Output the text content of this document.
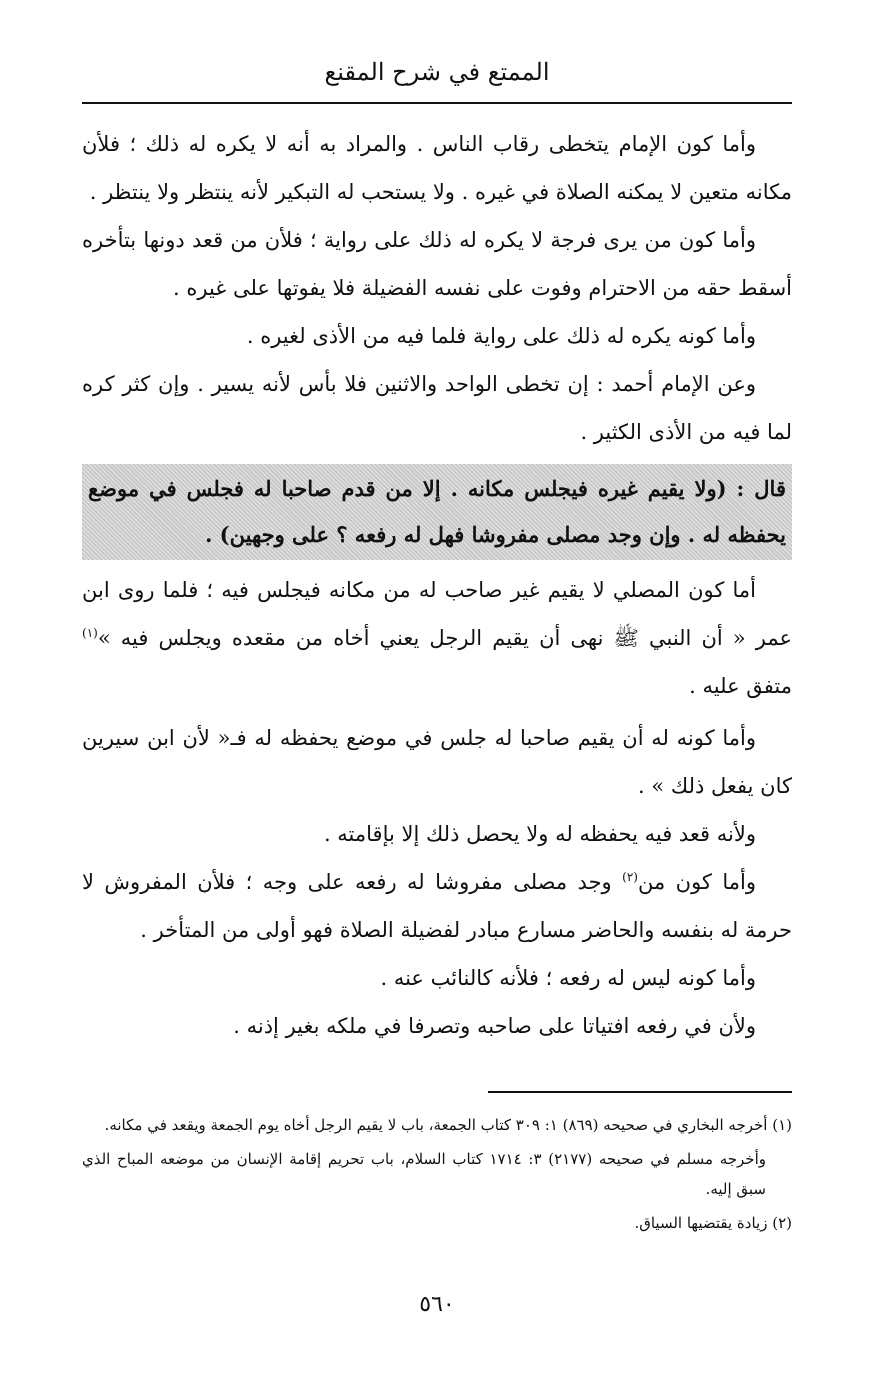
الممتع في شرح المقنع

وأما كون الإمام يتخطى رقاب الناس . والمراد به أنه لا يكره له ذلك ؛ فلأن مكانه متعين لا يمكنه الصلاة في غيره . ولا يستحب له التبكير لأنه ينتظر ولا ينتظر .

وأما كون من يرى فرجة لا يكره له ذلك على رواية ؛ فلأن من قعد دونها بتأخره أسقط حقه من الاحترام وفوت على نفسه الفضيلة فلا يفوتها على غيره .

وأما كونه يكره له ذلك على رواية فلما فيه من الأذى لغيره .

وعن الإمام أحمد : إن تخطى الواحد والاثنين فلا بأس لأنه يسير . وإن كثر كره لما فيه من الأذى الكثير .

قال : (ولا يقيم غيره فيجلس مكانه . إلا من قدم صاحبا له فجلس في موضع يحفظه له . وإن وجد مصلى مفروشا فهل له رفعه ؟ على وجهين) .

أما كون المصلي لا يقيم غير صاحب له من مكانه فيجلس فيه ؛ فلما روى ابن عمر « أن النبي ﷺ نهى أن يقيم الرجل يعني أخاه من مقعده ويجلس فيه »$^{(١)}$ متفق عليه .

وأما كونه له أن يقيم صاحبا له جلس في موضع يحفظه له فـ« لأن ابن سيرين كان يفعل ذلك » .

ولأنه قعد فيه يحفظه له ولا يحصل ذلك إلا بإقامته .

وأما كون من$^{(٢)}$ وجد مصلى مفروشا له رفعه على وجه ؛ فلأن المفروش لا حرمة له بنفسه والحاضر مسارع مبادر لفضيلة الصلاة فهو أولى من المتأخر .

وأما كونه ليس له رفعه ؛ فلأنه كالنائب عنه .

ولأن في رفعه افتياتا على صاحبه وتصرفا في ملكه بغير إذنه .

(١) أخرجه البخاري في صحيحه (٨٦٩) ١: ٣٠٩ كتاب الجمعة، باب لا يقيم الرجل أخاه يوم الجمعة ويقعد في مكانه.

وأخرجه مسلم في صحيحه (٢١٧٧) ٣: ١٧١٤ كتاب السلام، باب تحريم إقامة الإنسان من موضعه المباح الذي سبق إليه.

(٢) زيادة يقتضيها السياق.

٥٦٠
